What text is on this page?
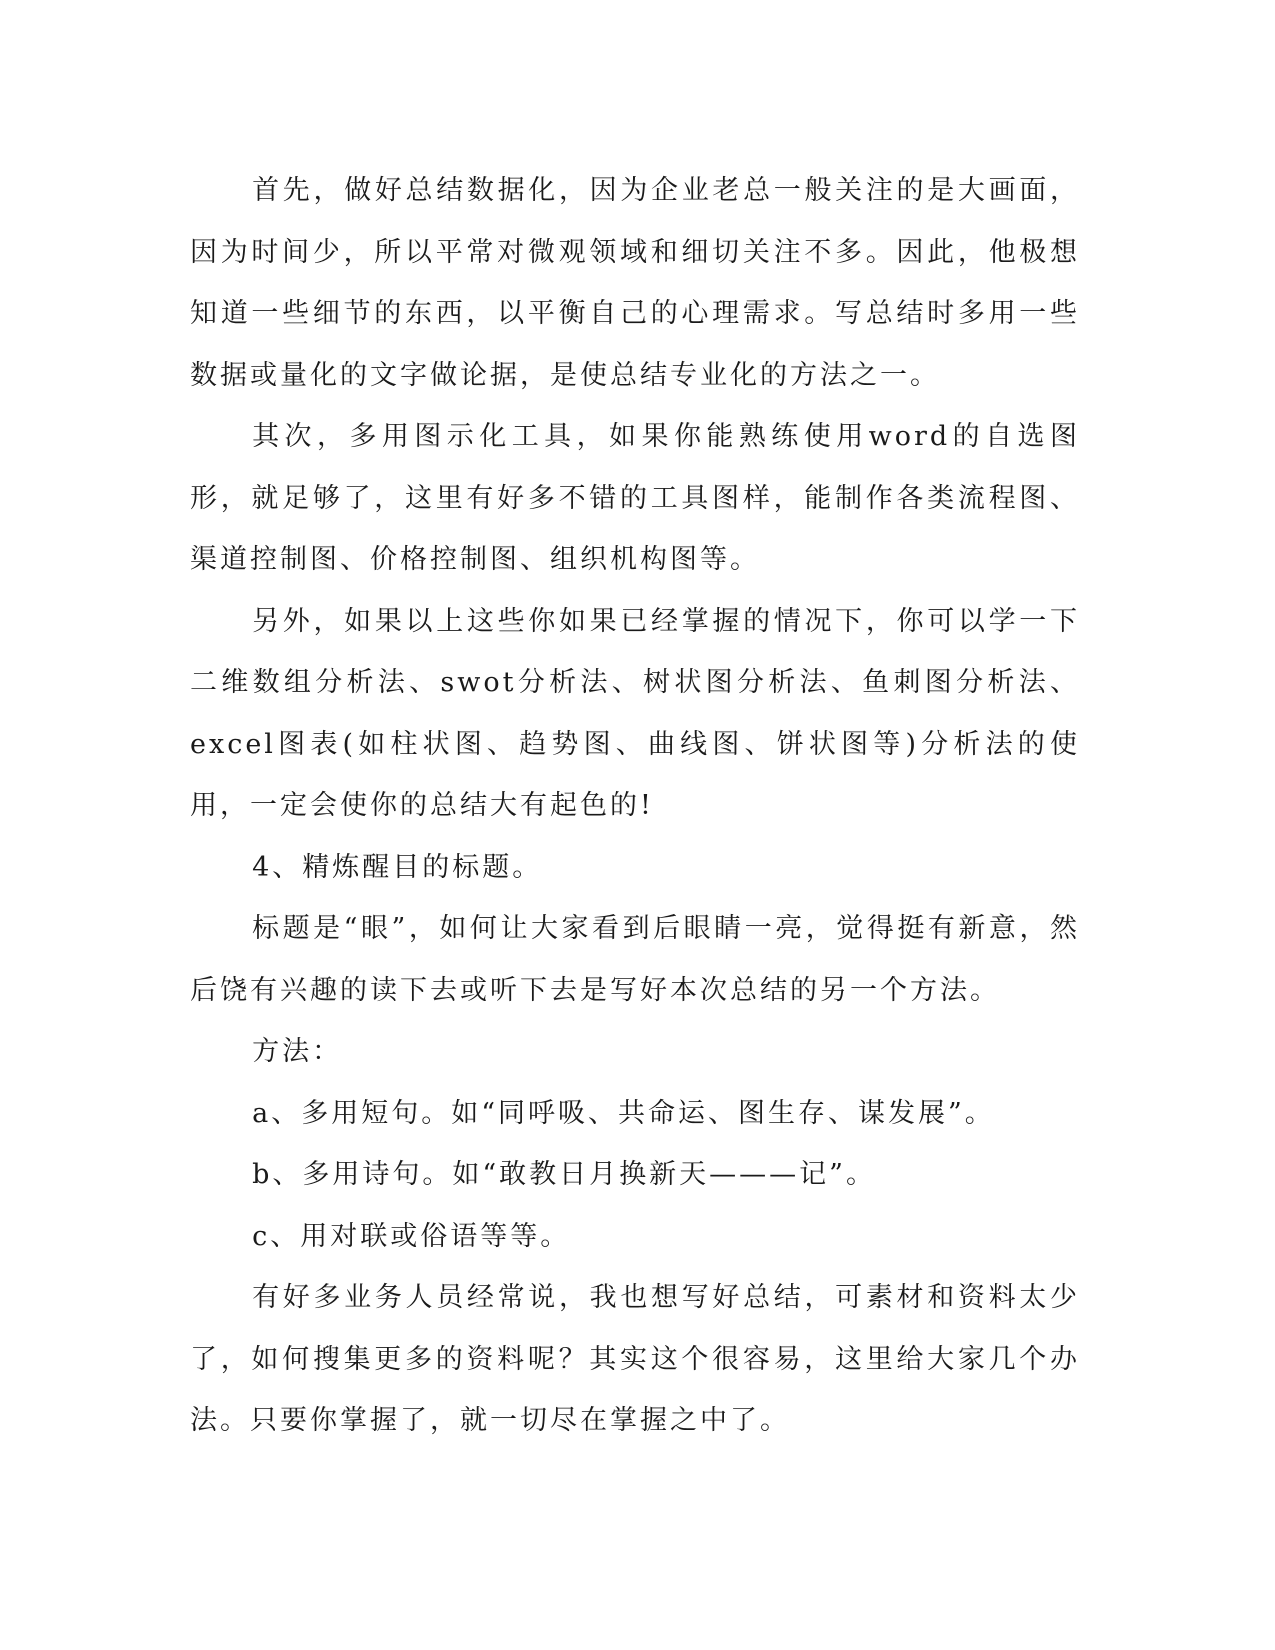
首先，做好总结数据化，因为企业老总一般关注的是大画面，因为时间少，所以平常对微观领域和细切关注不多。因此，他极想知道一些细节的东西，以平衡自己的心理需求。写总结时多用一些数据或量化的文字做论据，是使总结专业化的方法之一。

其次，多用图示化工具，如果你能熟练使用word的自选图形，就足够了，这里有好多不错的工具图样，能制作各类流程图、渠道控制图、价格控制图、组织机构图等。

另外，如果以上这些你如果已经掌握的情况下，你可以学一下二维数组分析法、swot分析法、树状图分析法、鱼刺图分析法、excel图表(如柱状图、趋势图、曲线图、饼状图等)分析法的使用，一定会使你的总结大有起色的!

4、精炼醒目的标题。

标题是“眼”，如何让大家看到后眼睛一亮，觉得挺有新意，然后饶有兴趣的读下去或听下去是写好本次总结的另一个方法。

方法：

a、多用短句。如“同呼吸、共命运、图生存、谋发展”。

b、多用诗句。如“敢教日月换新天———记”。

c、用对联或俗语等等。

有好多业务人员经常说，我也想写好总结，可素材和资料太少了，如何搜集更多的资料呢？其实这个很容易，这里给大家几个办法。只要你掌握了，就一切尽在掌握之中了。
